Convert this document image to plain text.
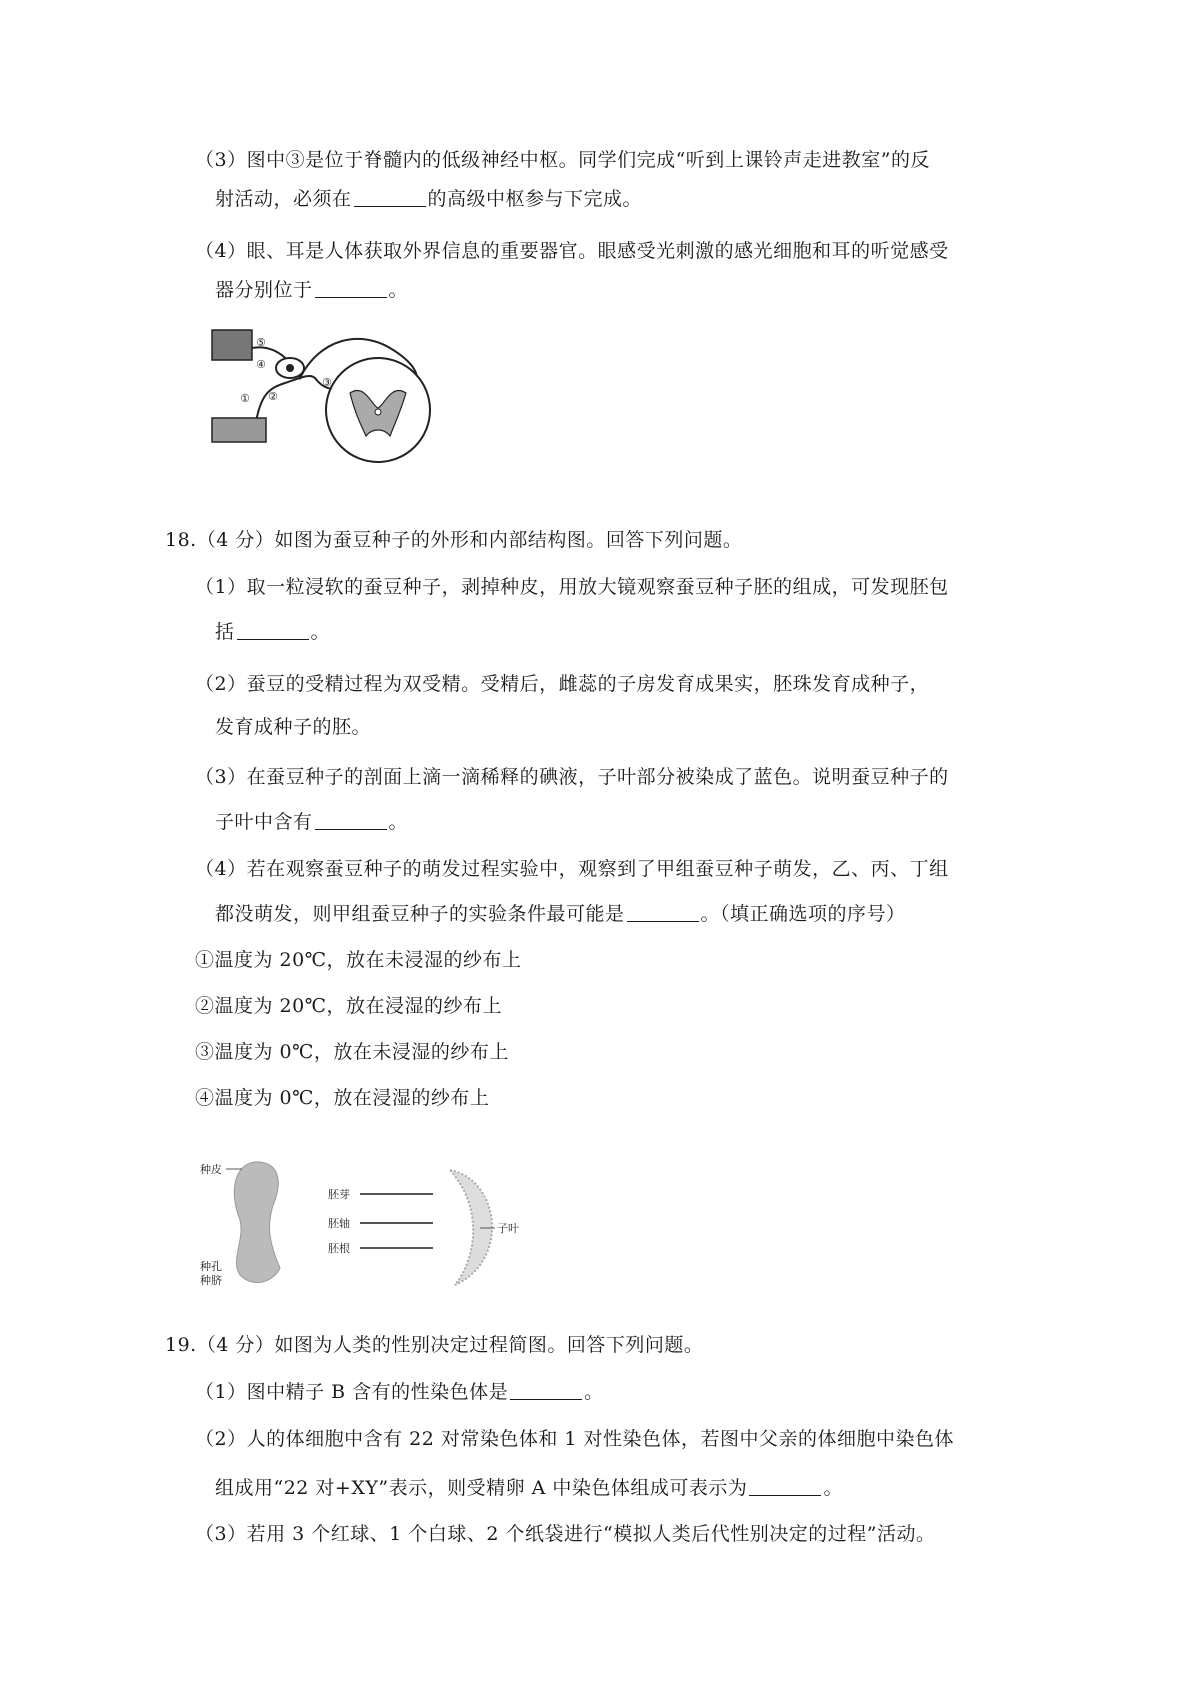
（3）图中③是位于脊髓内的低级神经中枢。同学们完成“听到上课铃声走进教室”的反
射活动，必须在	的高级中枢参与下完成。
（4）眼、耳是人体获取外界信息的重要器官。眼感受光刺激的感光细胞和耳的听觉感受
器分别位于	。
⑤
④
②
①
③
18.（4 分）如图为蚕豆种子的外形和内部结构图。回答下列问题。
（1）取一粒浸软的蚕豆种子，剥掉种皮，用放大镜观察蚕豆种子胚的组成，可发现胚包
括	。
（2）蚕豆的受精过程为双受精。受精后，雌蕊的子房发育成果实，胚珠发育成种子，
发育成种子的胚。
（3）在蚕豆种子的剖面上滴一滴稀释的碘液，子叶部分被染成了蓝色。说明蚕豆种子的
子叶中含有	。
（4）若在观察蚕豆种子的萌发过程实验中，观察到了甲组蚕豆种子萌发，乙、丙、丁组
都没萌发，则甲组蚕豆种子的实验条件最可能是	。（填正确选项的序号）
①温度为 20℃，放在未浸湿的纱布上
②温度为 20℃，放在浸湿的纱布上
③温度为 0℃，放在未浸湿的纱布上
④温度为 0℃，放在浸湿的纱布上
种皮
胚芽
胚轴
胚根
子叶
种孔
种脐
19.（4 分）如图为人类的性别决定过程简图。回答下列问题。
（1）图中精子 B 含有的性染色体是	。
（2）人的体细胞中含有 22 对常染色体和 1 对性染色体，若图中父亲的体细胞中染色体
组成用“22 对+XY”表示，则受精卵 A 中染色体组成可表示为	。
（3）若用 3 个红球、1 个白球、2 个纸袋进行“模拟人类后代性别决定的过程”活动。
